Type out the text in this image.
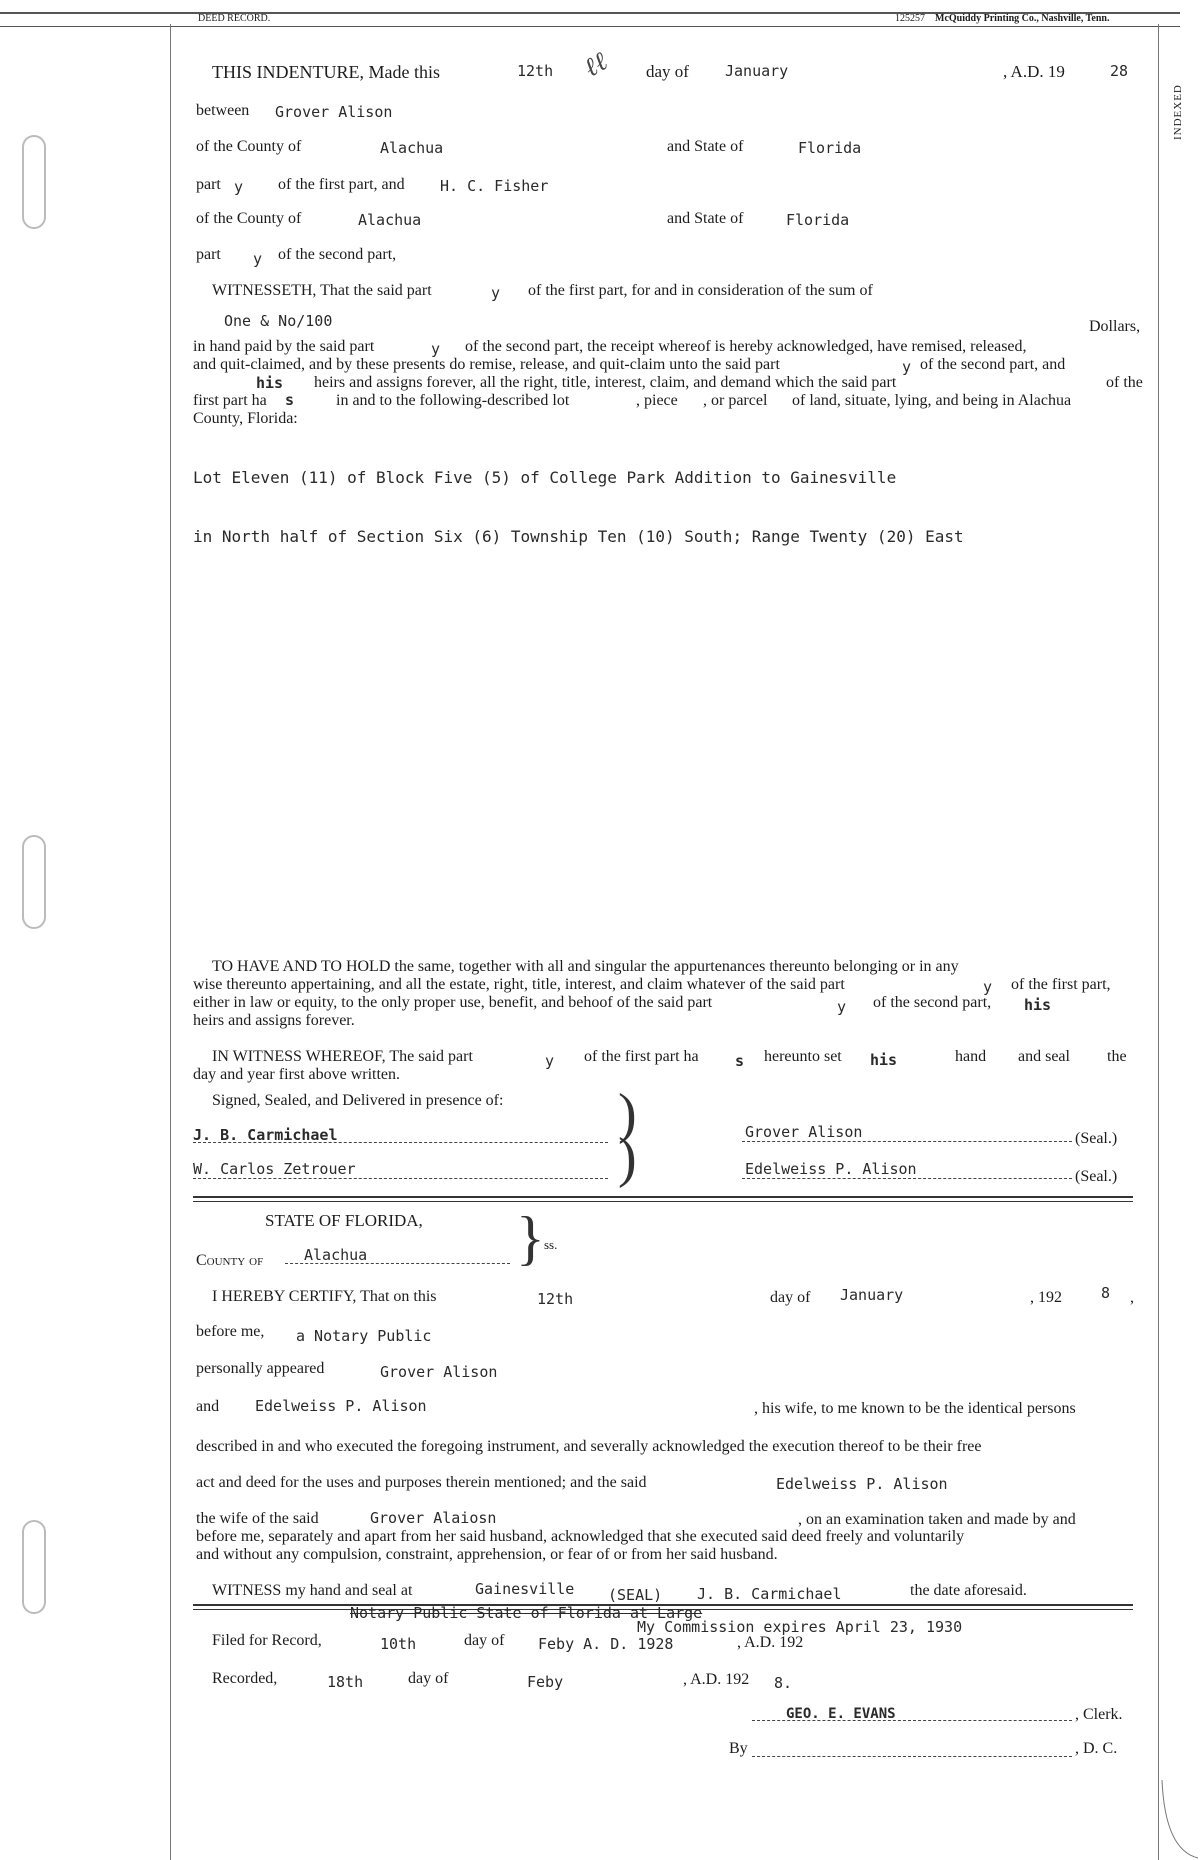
DEED RECORD.	125257 McQuiddy Printing Co., Nashville, Tenn.
INDEXED
THIS INDENTURE, Made this	12th ℓℓ day of January	, A.D. 19	28
between Grover Alison
of the County of	Alachua	and State of	Florida
part y of the first part, and H. C. Fisher
of the County of	Alachua	and State of	Florida
part y of the second part,
WITNESSETH, That the said part	y of the first part, for and in consideration of the sum of
One & No/100	Dollars,
in hand paid by the said part	y of the second part, the receipt whereof is hereby acknowledged, have remised, released,
and quit-claimed, and by these presents do remise, release, and quit-claim unto the said part	y of the second part, and
his heirs and assigns forever, all the right, title, interest, claim, and demand which the said part	of the
first part ha s	in and to the following-described lot	, piece , or parcel of land, situate, lying, and being in Alachua
County, Florida:
Lot Eleven (11) of Block Five (5) of College Park Addition to Gainesville
in North half of Section Six (6) Township Ten (10) South; Range Twenty (20) East
TO HAVE AND TO HOLD the same, together with all and singular the appurtenances thereunto belonging or in any
wise thereunto appertaining, and all the estate, right, title, interest, and claim whatever of the said part	y of the first part,
either in law or equity, to the only proper use, benefit, and behoof of the said part	y of the second part, his
heirs and assigns forever.
IN WITNESS WHEREOF, The said part	y of the first part ha s hereunto set his	hand and seal the
day and year first above written.
Signed, Sealed, and Delivered in presence of: )
)
J. B. Carmichael
W. Carlos Zetrouer
Grover Alison	(Seal.)
Edelweiss P. Alison	(Seal.)
STATE OF FLORIDA, } ss.
County of	Alachua
I HEREBY CERTIFY, That on this	12th	day of January	, 192	8 ,
before me, a Notary Public
personally appeared	Grover Alison
and Edelweiss P. Alison	, his wife, to me known to be the identical persons
described in and who executed the foregoing instrument, and severally acknowledged the execution thereof to be their free
act and deed for the uses and purposes therein mentioned; and the said	Edelweiss P. Alison
the wife of the said	Grover Alaiosn	, on an examination taken and made by and
before me, separately and apart from her said husband, acknowledged that she executed said deed freely and voluntarily
and without any compulsion, constraint, apprehension, or fear of or from her said husband.
WITNESS my hand and seal at	Gainesville (SEAL) J. B. Carmichael	the date aforesaid.
Notary Public State of Florida at Large
My Commission expires April 23, 1930
Filed for Record,	10th	day of Feby A. D. 1928	, A.D. 192
Recorded,	18th	day of	Feby	, A.D. 192 8.
GEO. E. EVANS	, Clerk.
By	, D. C.
